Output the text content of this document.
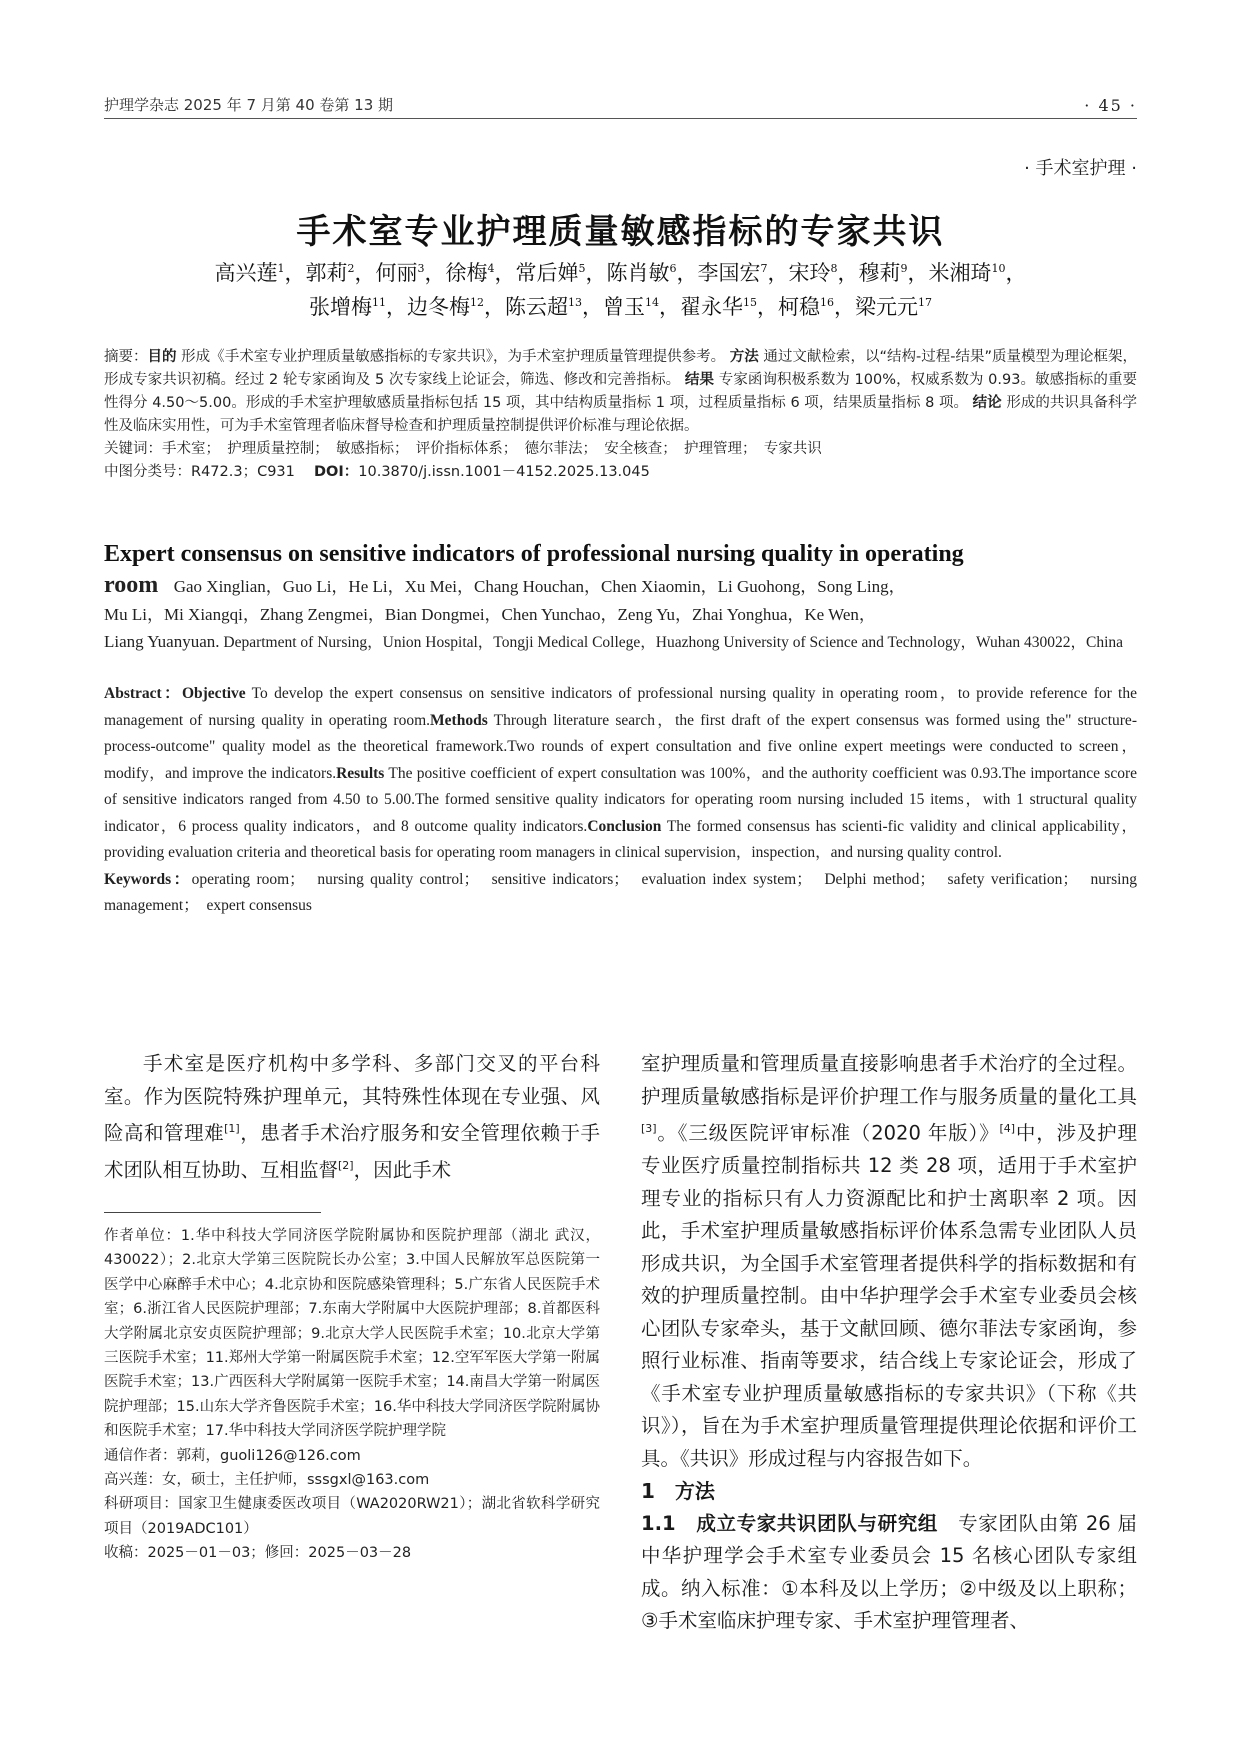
护理学杂志 2025 年 7 月第 40 卷第 13 期	· 45 ·
· 手术室护理 ·
手术室专业护理质量敏感指标的专家共识
高兴莲$^1$，郭莉$^2$，何丽$^3$，徐梅$^4$，常后婵$^5$，陈肖敏$^6$，李国宏$^7$，宋玲$^8$，穆莉$^9$，米湘琦$^{10}$，
张增梅$^{11}$，边冬梅$^{12}$，陈云超$^{13}$，曾玉$^{14}$，翟永华$^{15}$，柯稳$^{16}$，梁元元$^{17}$

摘要：目的 形成《手术室专业护理质量敏感指标的专家共识》，为手术室护理质量管理提供参考。 方法 通过文献检索，以“结构-过程-结果”质量模型为理论框架，形成专家共识初稿。经过 2 轮专家函询及 5 次专家线上论证会，筛选、修改和完善指标。 结果 专家函询积极系数为 100%，权威系数为 0.93。敏感指标的重要性得分 4.50～5.00。形成的手术室护理敏感质量指标包括 15 项，其中结构质量指标 1 项，过程质量指标 6 项，结果质量指标 8 项。 结论 形成的共识具备科学性及临床实用性，可为手术室管理者临床督导检查和护理质量控制提供评价标准与理论依据。

关键词：手术室；　护理质量控制；　敏感指标；　评价指标体系；　德尔菲法；　安全核查；　护理管理；　专家共识

中图分类号：R472.3；C931　 DOI：10.3870/j.issn.1001－4152.2025.13.045

Expert consensus on sensitive indicators of professional nursing quality in operating

room　 Gao Xinglian，Guo Li，He Li，Xu Mei，Chang Houchan，Chen Xiaomin，Li Guohong，Song Ling，

Mu Li，Mi Xiangqi，Zhang Zengmei，Bian Dongmei，Chen Yunchao，Zeng Yu，Zhai Yonghua，Ke Wen，

Liang Yuanyuan. Department of Nursing，Union Hospital，Tongji Medical College，Huazhong University of Science and Technology，Wuhan 430022，China

Abstract：Objective To develop the expert consensus on sensitive indicators of professional nursing quality in operating room，to provide reference for the management of nursing quality in operating room.Methods Through literature search，the first draft of the expert consensus was formed using the" structure-process-outcome" quality model as the theoretical framework.Two rounds of expert consultation and five online expert meetings were conducted to screen，modify，and improve the indicators.Results The positive coefficient of expert consultation was 100%，and the authority coefficient was 0.93.The importance score of sensitive indicators ranged from 4.50 to 5.00.The formed sensitive quality indicators for operating room nursing included 15 items，with 1 structural quality indicator，6 process quality indicators，and 8 outcome quality indicators.Conclusion The formed consensus has scienti-fic validity and clinical applicability，providing evaluation criteria and theoretical basis for operating room managers in clinical supervision，inspection，and nursing quality control.

Keywords：operating room；　nursing quality control；　sensitive indicators；　evaluation index system；　Delphi method；　safety verification；　nursing management；　expert consensus

手术室是医疗机构中多学科、多部门交叉的平台科室。作为医院特殊护理单元，其特殊性体现在专业强、风险高和管理难[1]，患者手术治疗服务和安全管理依赖于手术团队相互协助、互相监督[2]，因此手术

作者单位：1.华中科技大学同济医学院附属协和医院护理部（湖北 武汉，430022）；2.北京大学第三医院院长办公室；3.中国人民解放军总医院第一医学中心麻醉手术中心；4.北京协和医院感染管理科；5.广东省人民医院手术室；6.浙江省人民医院护理部；7.东南大学附属中大医院护理部；8.首都医科大学附属北京安贞医院护理部；9.北京大学人民医院手术室；10.北京大学第三医院手术室；11.郑州大学第一附属医院手术室；12.空军军医大学第一附属医院手术室；13.广西医科大学附属第一医院手术室；14.南昌大学第一附属医院护理部；15.山东大学齐鲁医院手术室；16.华中科技大学同济医学院附属协和医院手术室；17.华中科技大学同济医学院护理学院

通信作者：郭莉，guoli126@126.com

高兴莲：女，硕士，主任护师，sssgxl@163.com

科研项目：国家卫生健康委医改项目（WA2020RW21）；湖北省软科学研究项目（2019ADC101）

收稿：2025－01－03；修回：2025－03－28

室护理质量和管理质量直接影响患者手术治疗的全过程。护理质量敏感指标是评价护理工作与服务质量的量化工具[3]。《三级医院评审标准（2020 年版）》[4]中，涉及护理专业医疗质量控制指标共 12 类 28 项，适用于手术室护理专业的指标只有人力资源配比和护士离职率 2 项。因此，手术室护理质量敏感指标评价体系急需专业团队人员形成共识，为全国手术室管理者提供科学的指标数据和有效的护理质量控制。由中华护理学会手术室专业委员会核心团队专家牵头，基于文献回顾、德尔菲法专家函询，参照行业标准、指南等要求，结合线上专家论证会，形成了《手术室专业护理质量敏感指标的专家共识》（下称《共识》），旨在为手术室护理质量管理提供理论依据和评价工具。《共识》形成过程与内容报告如下。

1　方法

1.1　成立专家共识团队与研究组　 专家团队由第 26 届中华护理学会手术室专业委员会 15 名核心团队专家组成。纳入标准：①本科及以上学历；②中级及以上职称；③手术室临床护理专家、手术室护理管理者、
